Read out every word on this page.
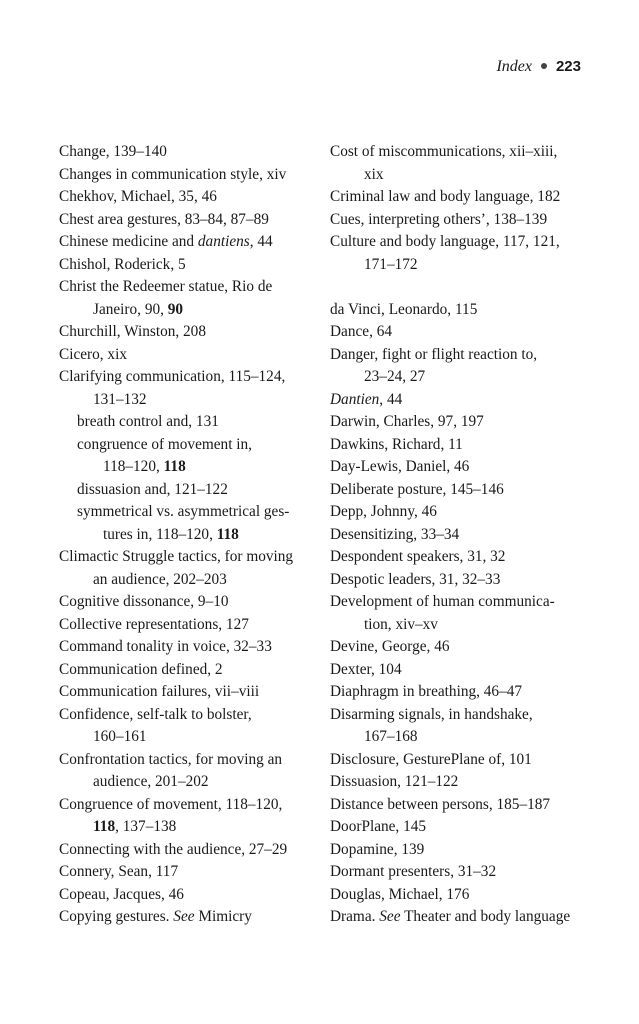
Index 223

Change, 139–140

Changes in communication style, xiv

Chekhov, Michael, 35, 46

Chest area gestures, 83–84, 87–89

Chinese medicine and dantiens, 44

Chishol, Roderick, 5

Christ the Redeemer statue, Rio de

Janeiro, 90, 90

Churchill, Winston, 208

Cicero, xix

Clarifying communication, 115–124,

131–132

breath control and, 131

congruence of movement in,

118–120, 118

dissuasion and, 121–122

symmetrical vs. asymmetrical ges-

tures in, 118–120, 118

Climactic Struggle tactics, for moving

an audience, 202–203

Cognitive dissonance, 9–10

Collective representations, 127

Command tonality in voice, 32–33

Communication defined, 2

Communication failures, vii–viii

Confidence, self-talk to bolster,

160–161

Confrontation tactics, for moving an

audience, 201–202

Congruence of movement, 118–120,

118, 137–138

Connecting with the audience, 27–29

Connery, Sean, 117

Copeau, Jacques, 46

Copying gestures. See Mimicry

Cost of miscommunications, xii–xiii,

xix

Criminal law and body language, 182

Cues, interpreting others’, 138–139

Culture and body language, 117, 121,

171–172

da Vinci, Leonardo, 115

Dance, 64

Danger, fight or flight reaction to,

23–24, 27

Dantien, 44

Darwin, Charles, 97, 197

Dawkins, Richard, 11

Day-Lewis, Daniel, 46

Deliberate posture, 145–146

Depp, Johnny, 46

Desensitizing, 33–34

Despondent speakers, 31, 32

Despotic leaders, 31, 32–33

Development of human communica-

tion, xiv–xv

Devine, George, 46

Dexter, 104

Diaphragm in breathing, 46–47

Disarming signals, in handshake,

167–168

Disclosure, GesturePlane of, 101

Dissuasion, 121–122

Distance between persons, 185–187

DoorPlane, 145

Dopamine, 139

Dormant presenters, 31–32

Douglas, Michael, 176

Drama. See Theater and body language
